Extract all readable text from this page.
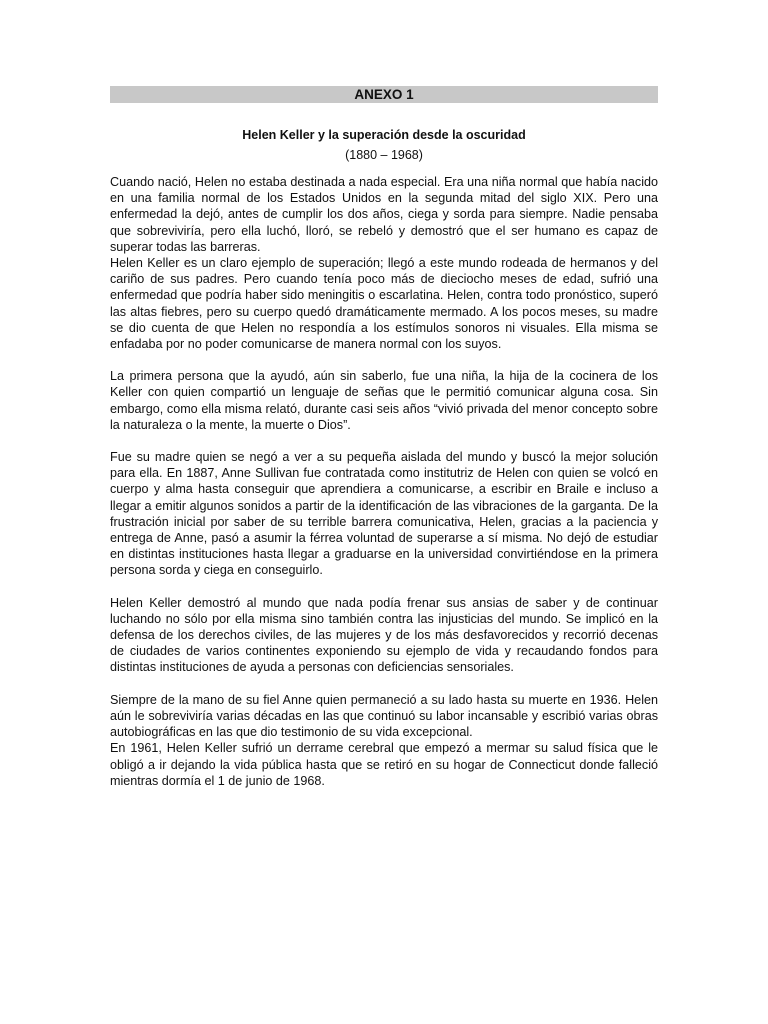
ANEXO 1

Helen Keller y la superación desde la oscuridad

(1880 – 1968)

Cuando nació, Helen no estaba destinada a nada especial. Era una niña normal que había nacido en una familia normal de los Estados Unidos en la segunda mitad del siglo XIX. Pero una enfermedad la dejó, antes de cumplir los dos años, ciega y sorda para siempre. Nadie pensaba que sobreviviría, pero ella luchó, lloró, se rebeló y demostró que el ser humano es capaz de superar todas las barreras.

Helen Keller es un claro ejemplo de superación; llegó a este mundo rodeada de hermanos y del cariño de sus padres. Pero cuando tenía poco más de dieciocho meses de edad, sufrió una enfermedad que podría haber sido meningitis o escarlatina. Helen, contra todo pronóstico, superó las altas fiebres, pero su cuerpo quedó dramáticamente mermado. A los pocos meses, su madre se dio cuenta de que Helen no respondía a los estímulos sonoros ni visuales. Ella misma se enfadaba por no poder comunicarse de manera normal con los suyos.

La primera persona que la ayudó, aún sin saberlo, fue una niña, la hija de la cocinera de los Keller con quien compartió un lenguaje de señas que le permitió comunicar alguna cosa. Sin embargo, como ella misma relató, durante casi seis años “vivió privada del menor concepto sobre la naturaleza o la mente, la muerte o Dios”.

Fue su madre quien se negó a ver a su pequeña aislada del mundo y buscó la mejor solución para ella. En 1887, Anne Sullivan fue contratada como institutriz de Helen con quien se volcó en cuerpo y alma hasta conseguir que aprendiera a comunicarse, a escribir en Braile e incluso a llegar a emitir algunos sonidos a partir de la identificación de las vibraciones de la garganta. De la frustración inicial por saber de su terrible barrera comunicativa, Helen, gracias a la paciencia y entrega de Anne, pasó a asumir la férrea voluntad de superarse a sí misma. No dejó de estudiar en distintas instituciones hasta llegar a graduarse en la universidad convirtiéndose en la primera persona sorda y ciega en conseguirlo.

Helen Keller demostró al mundo que nada podía frenar sus ansias de saber y de continuar luchando no sólo por ella misma sino también contra las injusticias del mundo. Se implicó en la defensa de los derechos civiles, de las mujeres y de los más desfavorecidos y recorrió decenas de ciudades de varios continentes exponiendo su ejemplo de vida y recaudando fondos para distintas instituciones de ayuda a personas con deficiencias sensoriales.

Siempre de la mano de su fiel Anne quien permaneció a su lado hasta su muerte en 1936. Helen aún le sobreviviría varias décadas en las que continuó su labor incansable y escribió varias obras autobiográficas en las que dio testimonio de su vida excepcional.

En 1961, Helen Keller sufrió un derrame cerebral que empezó a mermar su salud física que le obligó a ir dejando la vida pública hasta que se retiró en su hogar de Connecticut donde falleció mientras dormía el 1 de junio de 1968.
